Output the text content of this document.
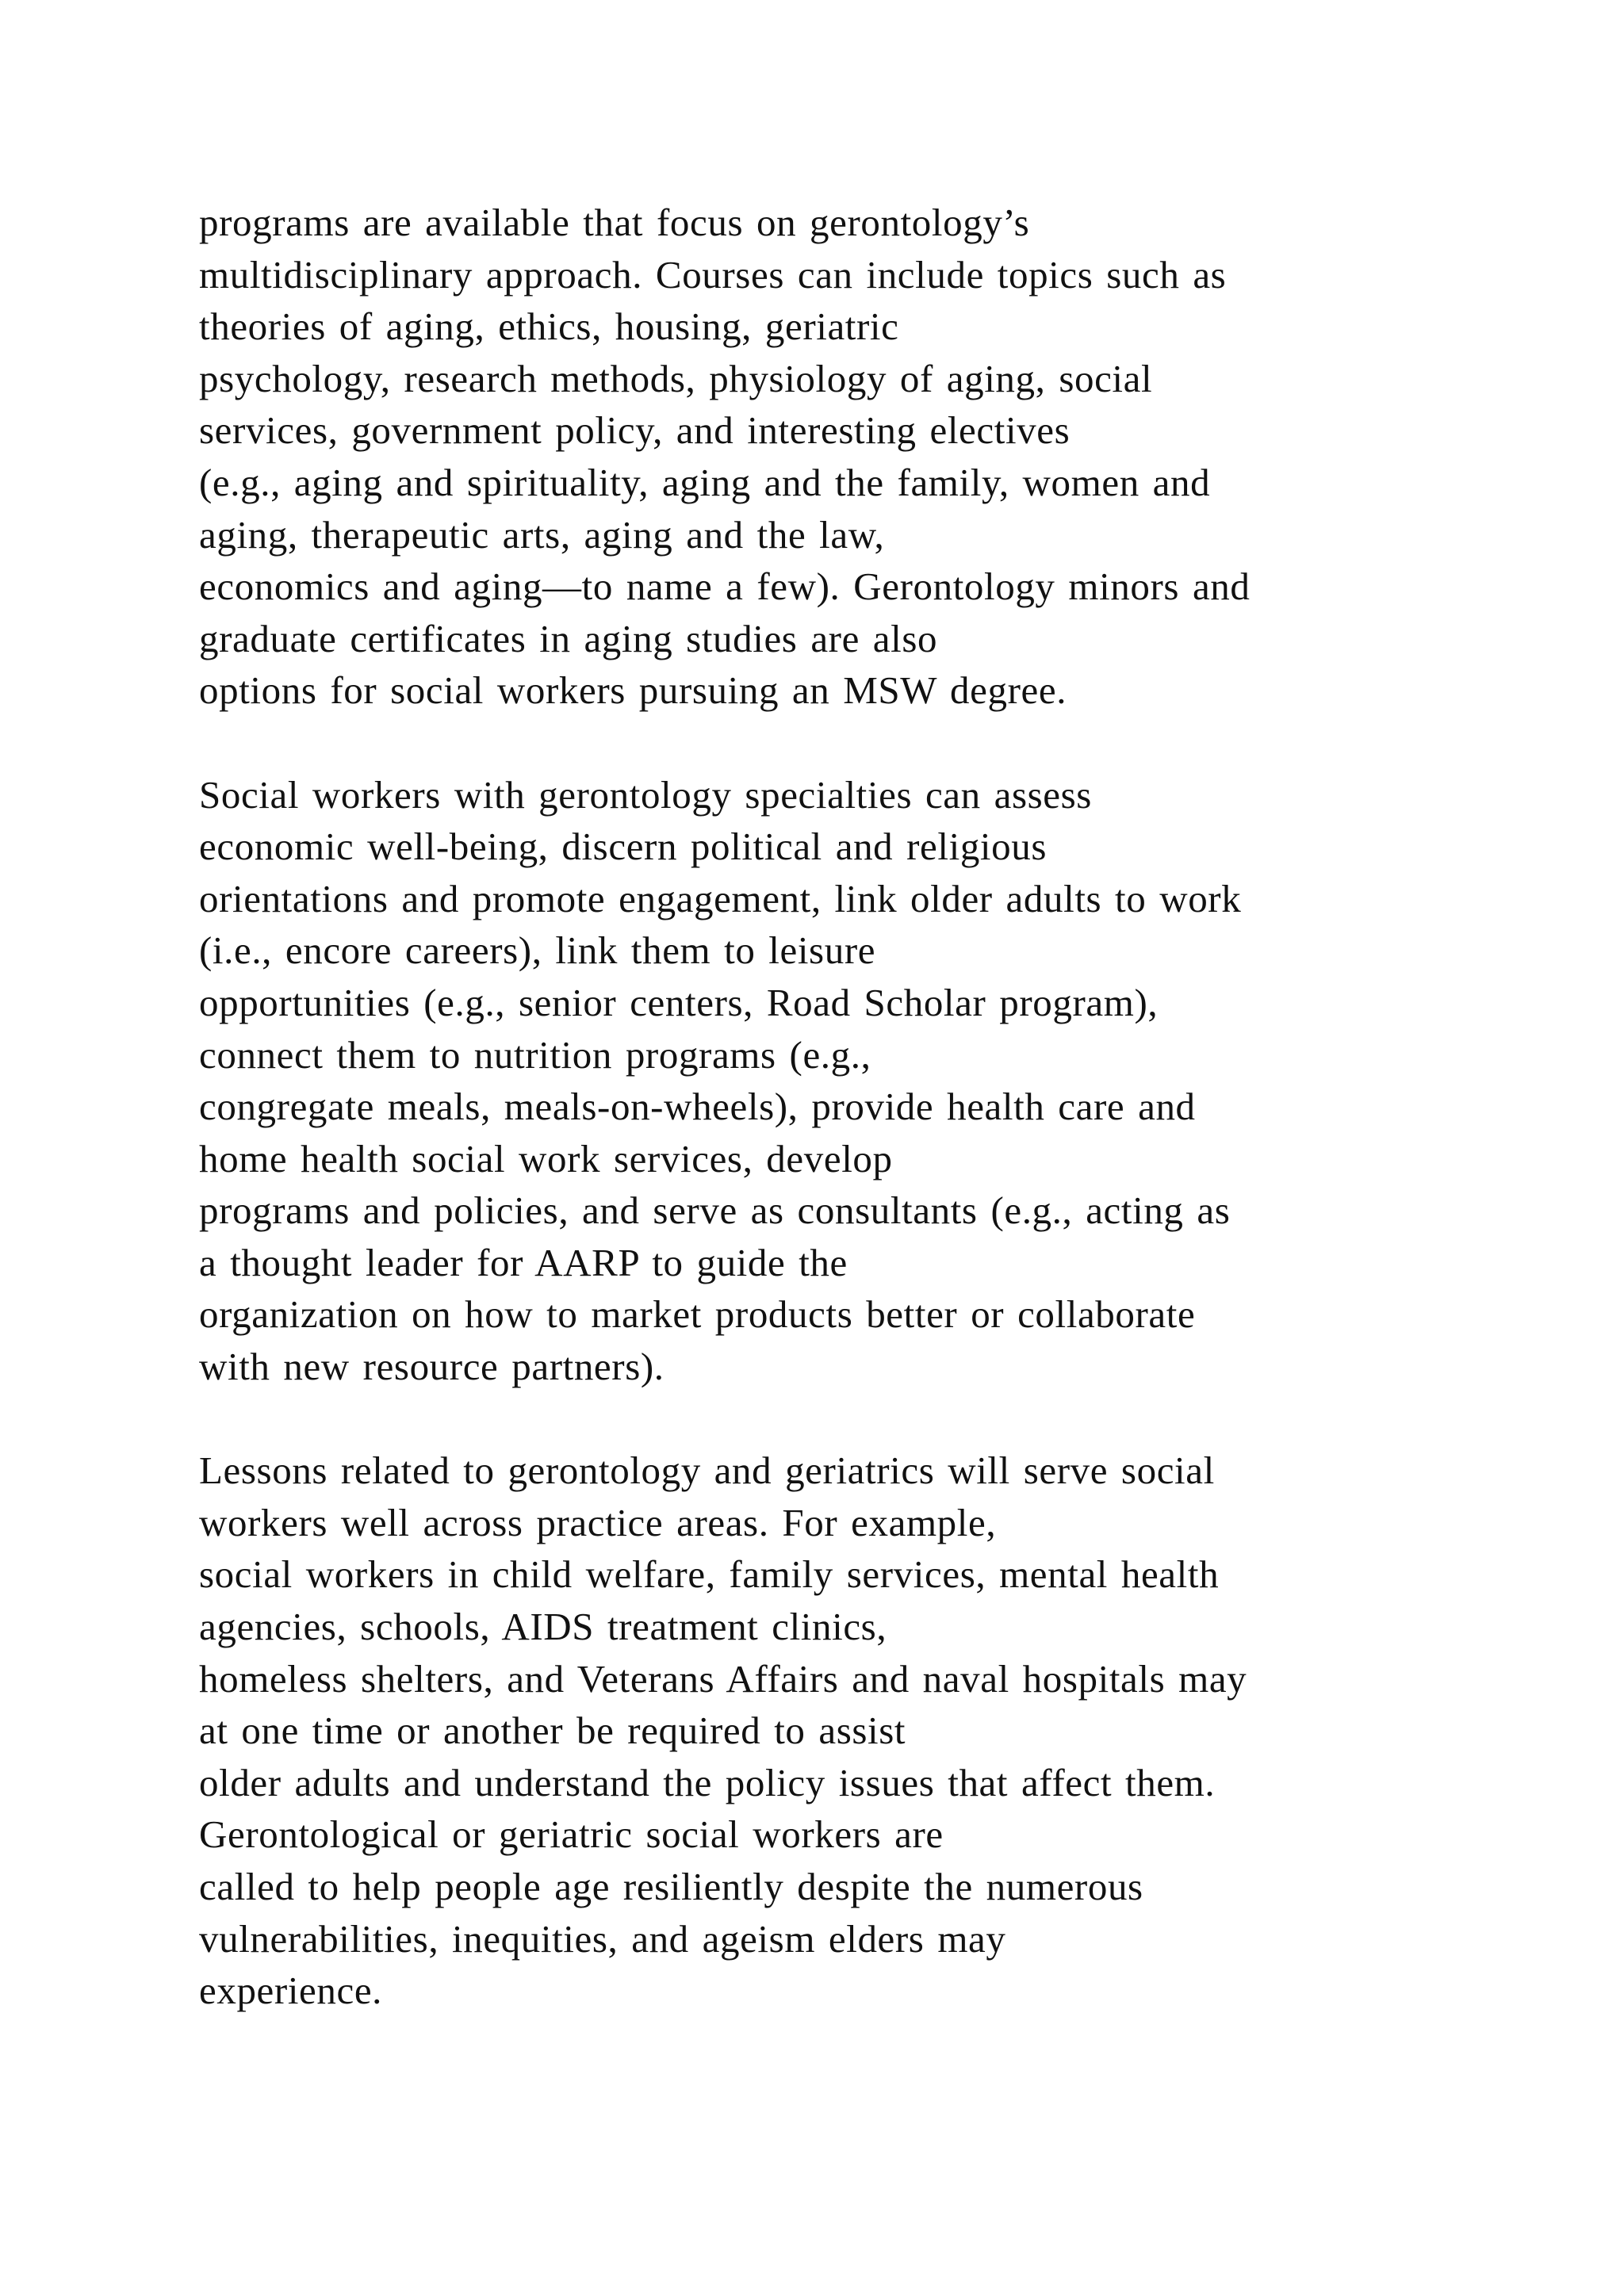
programs are available that focus on gerontology’s
multidisciplinary approach. Courses can include topics such as
theories of aging, ethics, housing, geriatric
psychology, research methods, physiology of aging, social
services, government policy, and interesting electives
(e.g., aging and spirituality, aging and the family, women and
aging, therapeutic arts, aging and the law,
economics and aging—to name a few). Gerontology minors and
graduate certificates in aging studies are also
options for social workers pursuing an MSW degree.

Social workers with gerontology specialties can assess
economic well-being, discern political and religious
orientations and promote engagement, link older adults to work
(i.e., encore careers), link them to leisure
opportunities (e.g., senior centers, Road Scholar program),
connect them to nutrition programs (e.g.,
congregate meals, meals-on-wheels), provide health care and
home health social work services, develop
programs and policies, and serve as consultants (e.g., acting as
a thought leader for AARP to guide the
organization on how to market products better or collaborate
with new resource partners).

Lessons related to gerontology and geriatrics will serve social
workers well across practice areas. For example,
social workers in child welfare, family services, mental health
agencies, schools, AIDS treatment clinics,
homeless shelters, and Veterans Affairs and naval hospitals may
at one time or another be required to assist
older adults and understand the policy issues that affect them.
Gerontological or geriatric social workers are
called to help people age resiliently despite the numerous
vulnerabilities, inequities, and ageism elders may
experience.
